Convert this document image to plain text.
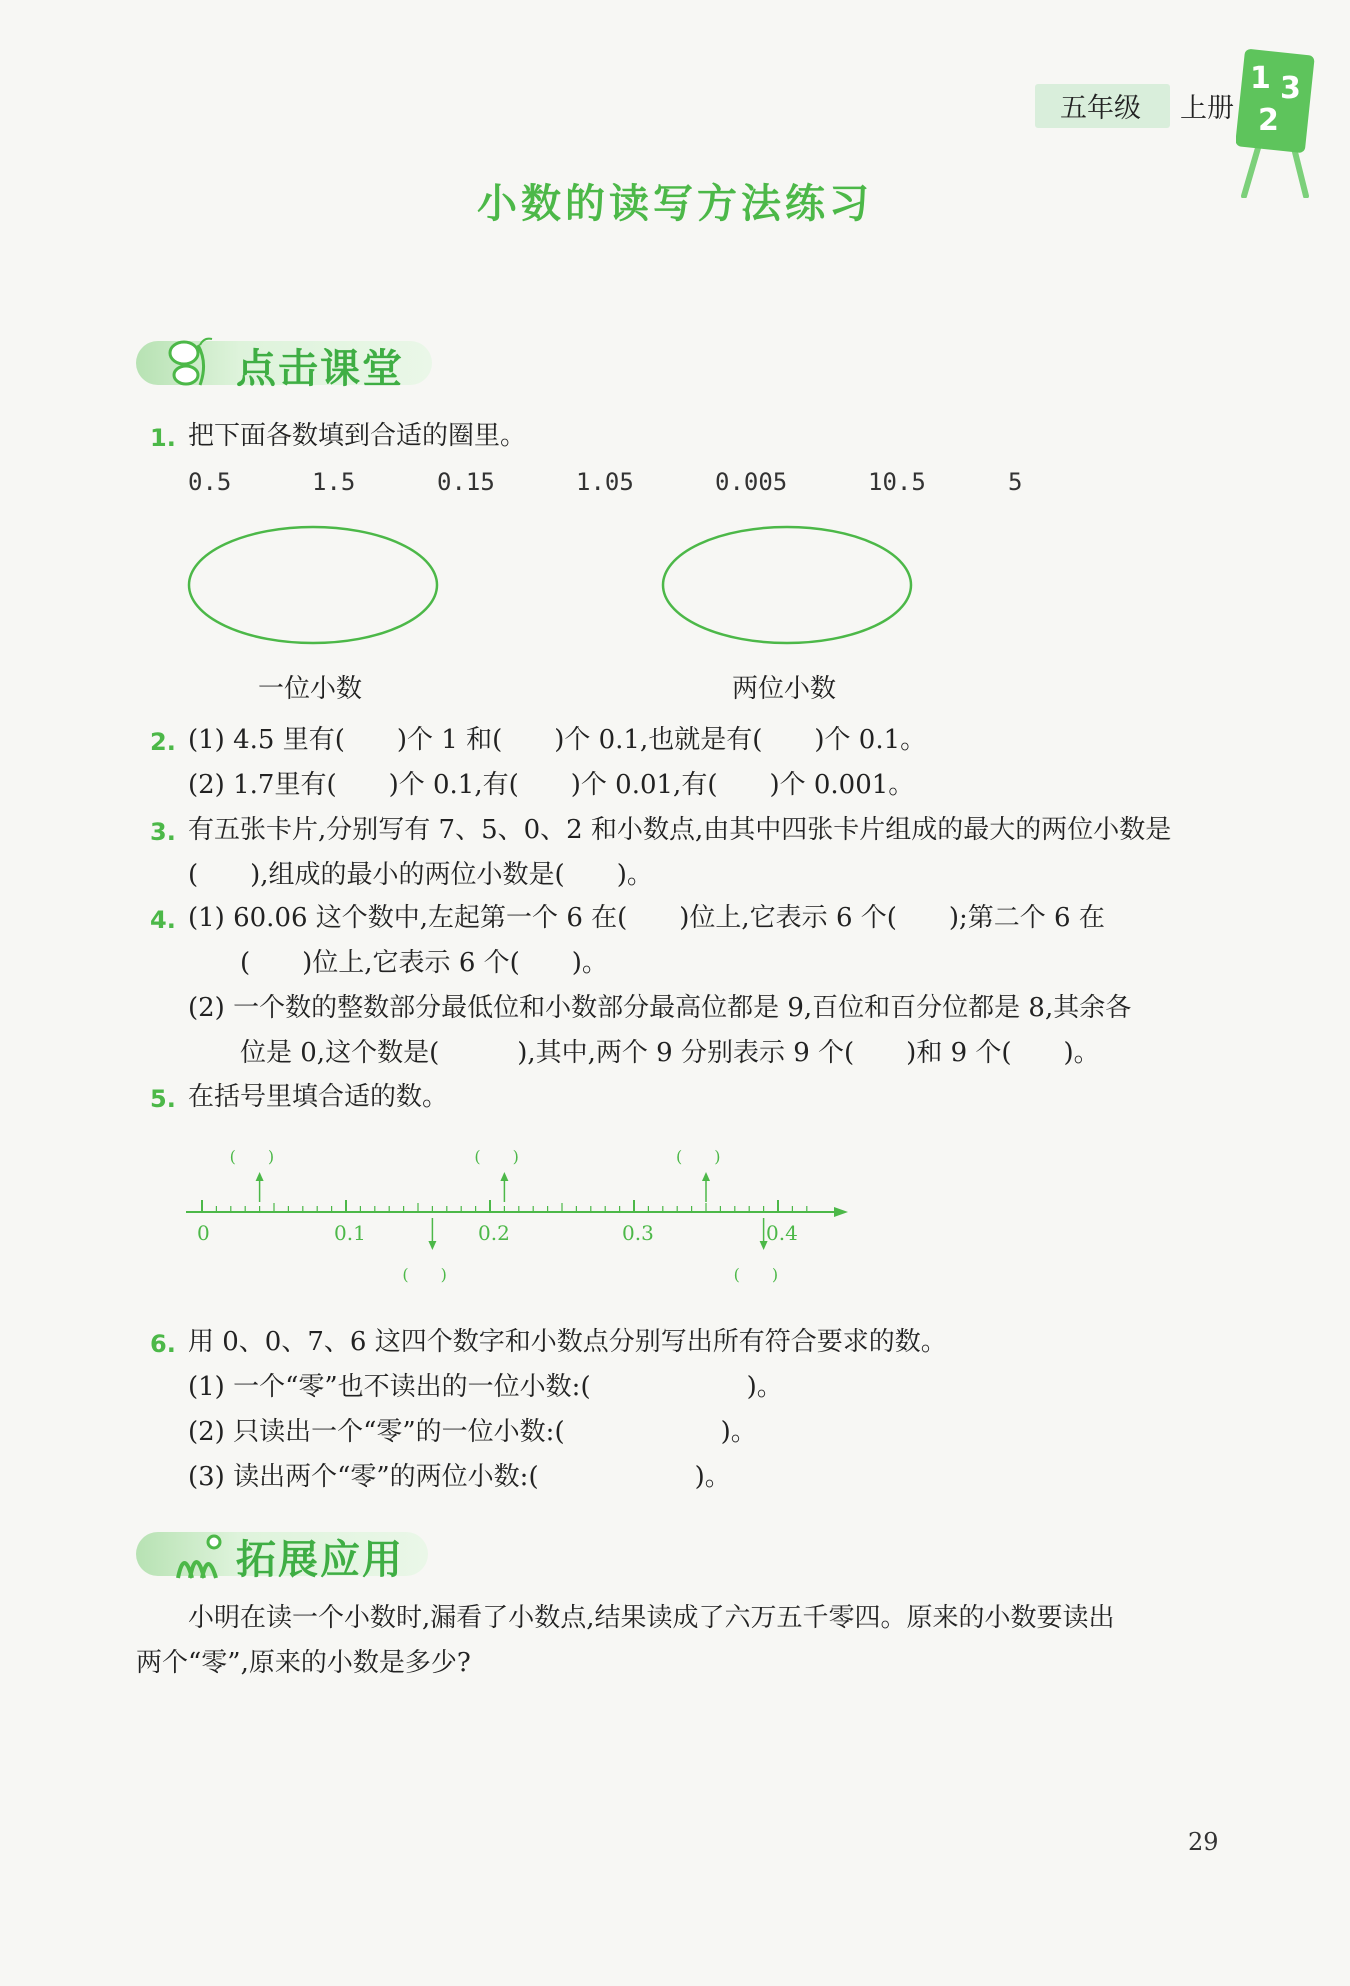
五年级 上册
1 3
2
小数的读写方法练习
点击课堂
1. 把下面各数填到合适的圈里。
0.5	1.5	0.15	1.05	0.005	10.5	5
一位小数	两位小数
2. (1) 4.5 里有(　　)个 1 和(　　)个 0.1,也就是有(　　)个 0.1。
(2) 1.7里有(　　)个 0.1,有(　　)个 0.01,有(　　)个 0.001。
3. 有五张卡片,分别写有 7、5、0、2 和小数点,由其中四张卡片组成的最大的两位小数是
(　　),组成的最小的两位小数是(　　)。
4. (1) 60.06 这个数中,左起第一个 6 在(　　)位上,它表示 6 个(　　);第二个 6 在
(　　)位上,它表示 6 个(　　)。
(2) 一个数的整数部分最低位和小数部分最高位都是 9,百位和百分位都是 8,其余各
位是 0,这个数是(　　　),其中,两个 9 分别表示 9 个(　　)和 9 个(　　)。
5. 在括号里填合适的数。
0	0.1	0.2	0.3	0.4
(　　)	(　　)	(　　)
(　　)	(　　)
6. 用 0、0、7、6 这四个数字和小数点分别写出所有符合要求的数。
(1) 一个“零”也不读出的一位小数:(　　　　　　)。
(2) 只读出一个“零”的一位小数:(　　　　　　)。
(3) 读出两个“零”的两位小数:(　　　　　　)。
拓展应用
小明在读一个小数时,漏看了小数点,结果读成了六万五千零四。原来的小数要读出
两个“零”,原来的小数是多少?
29
